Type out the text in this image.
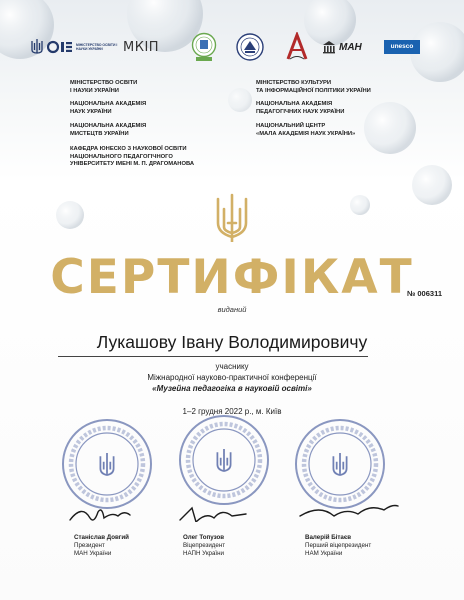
МІНІСТЕРСТВО ОСВІТИ І НАУКИ УКРАЇНИ	МКІП	МАН	unesco
МІНІСТЕРСТВО ОСВІТИ
І НАУКИ УКРАЇНИ
НАЦІОНАЛЬНА АКАДЕМІЯ
НАУК УКРАЇНИ
НАЦІОНАЛЬНА АКАДЕМІЯ
МИСТЕЦТВ УКРАЇНИ
КАФЕДРА ЮНЕСКО З НАУКОВОЇ ОСВІТИ
НАЦІОНАЛЬНОГО ПЕДАГОГІЧНОГО
УНІВЕРСИТЕТУ ІМЕНІ М. П. ДРАГОМАНОВА
МІНІСТЕРСТВО КУЛЬТУРИ
ТА ІНФОРМАЦІЙНОЇ ПОЛІТИКИ УКРАЇНИ
НАЦІОНАЛЬНА АКАДЕМІЯ
ПЕДАГОГІЧНИХ НАУК УКРАЇНИ
НАЦІОНАЛЬНИЙ ЦЕНТР
«МАЛА АКАДЕМІЯ НАУК УКРАЇНИ»
СЕРТИФІКАТ
№ 006311
виданий
Лукашову Івану Володимировичу
учаснику
Міжнародної науково-практичної конференції
«Музейна педагогіка в науковій освіті»
1–2 грудня 2022 р., м. Київ
Станіслав Довгий
Президент
МАН України
Олег Топузов
Віцепрезидент
НАПН України
Валерій Бітаєв
Перший віцепрезидент
НАМ України
